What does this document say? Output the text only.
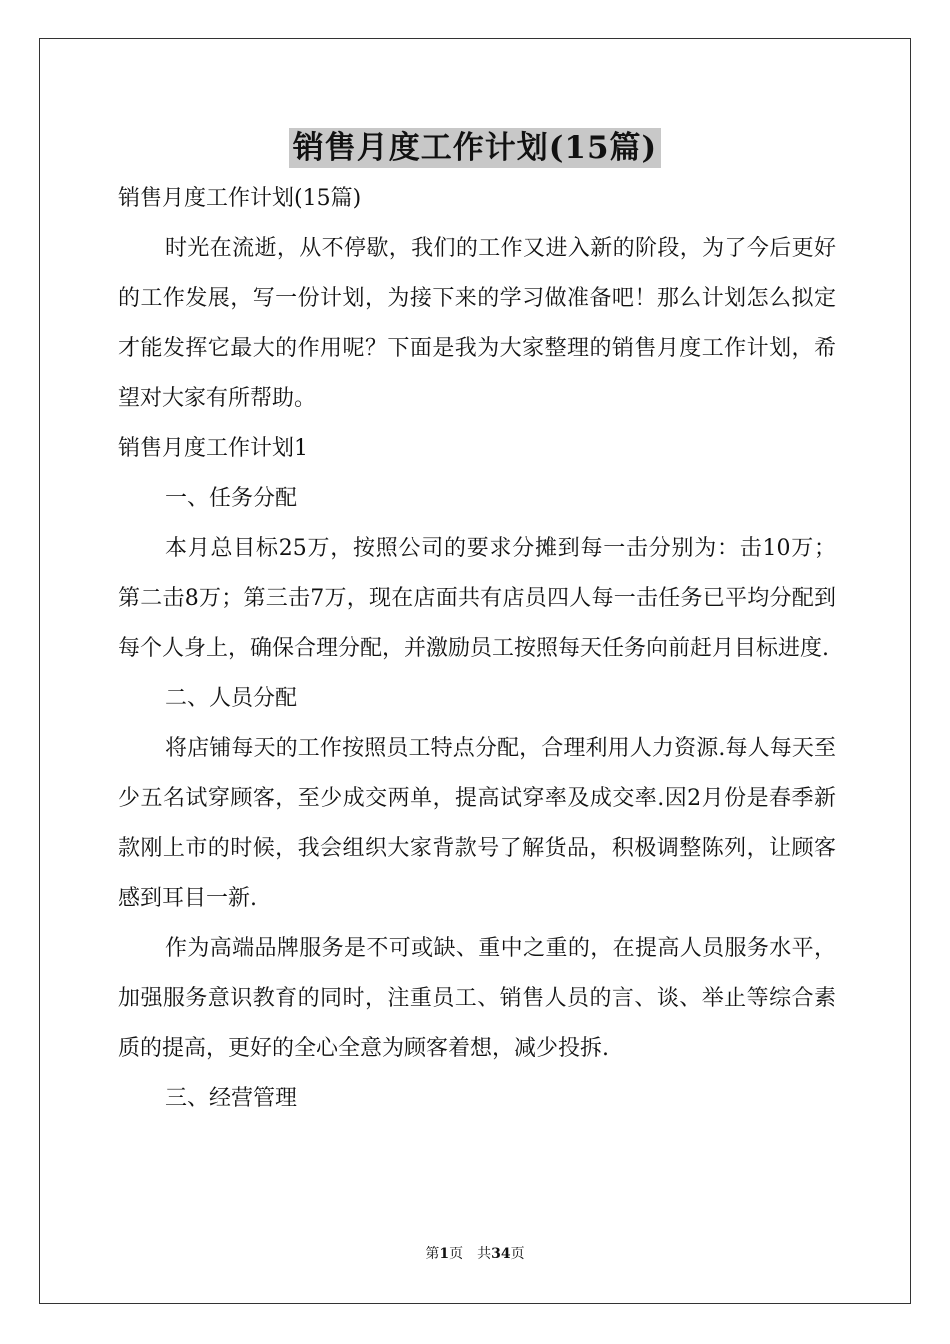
销售月度工作计划(15篇)

销售月度工作计划(15篇)

时光在流逝，从不停歇，我们的工作又进入新的阶段，为了今后更好的工作发展，写一份计划，为接下来的学习做准备吧！那么计划怎么拟定才能发挥它最大的作用呢？下面是我为大家整理的销售月度工作计划，希望对大家有所帮助。

销售月度工作计划1

一、任务分配

本月总目标25万，按照公司的要求分摊到每一击分别为：击10万；第二击8万；第三击7万，现在店面共有店员四人每一击任务已平均分配到每个人身上，确保合理分配，并激励员工按照每天任务向前赶月目标进度.

二、人员分配

将店铺每天的工作按照员工特点分配，合理利用人力资源.每人每天至少五名试穿顾客，至少成交两单，提高试穿率及成交率.因2月份是春季新款刚上市的时候，我会组织大家背款号了解货品，积极调整陈列，让顾客感到耳目一新.

作为高端品牌服务是不可或缺、重中之重的，在提高人员服务水平，加强服务意识教育的同时，注重员工、销售人员的言、谈、举止等综合素质的提高，更好的全心全意为顾客着想，减少投拆.

三、经营管理

第1页 共34页
